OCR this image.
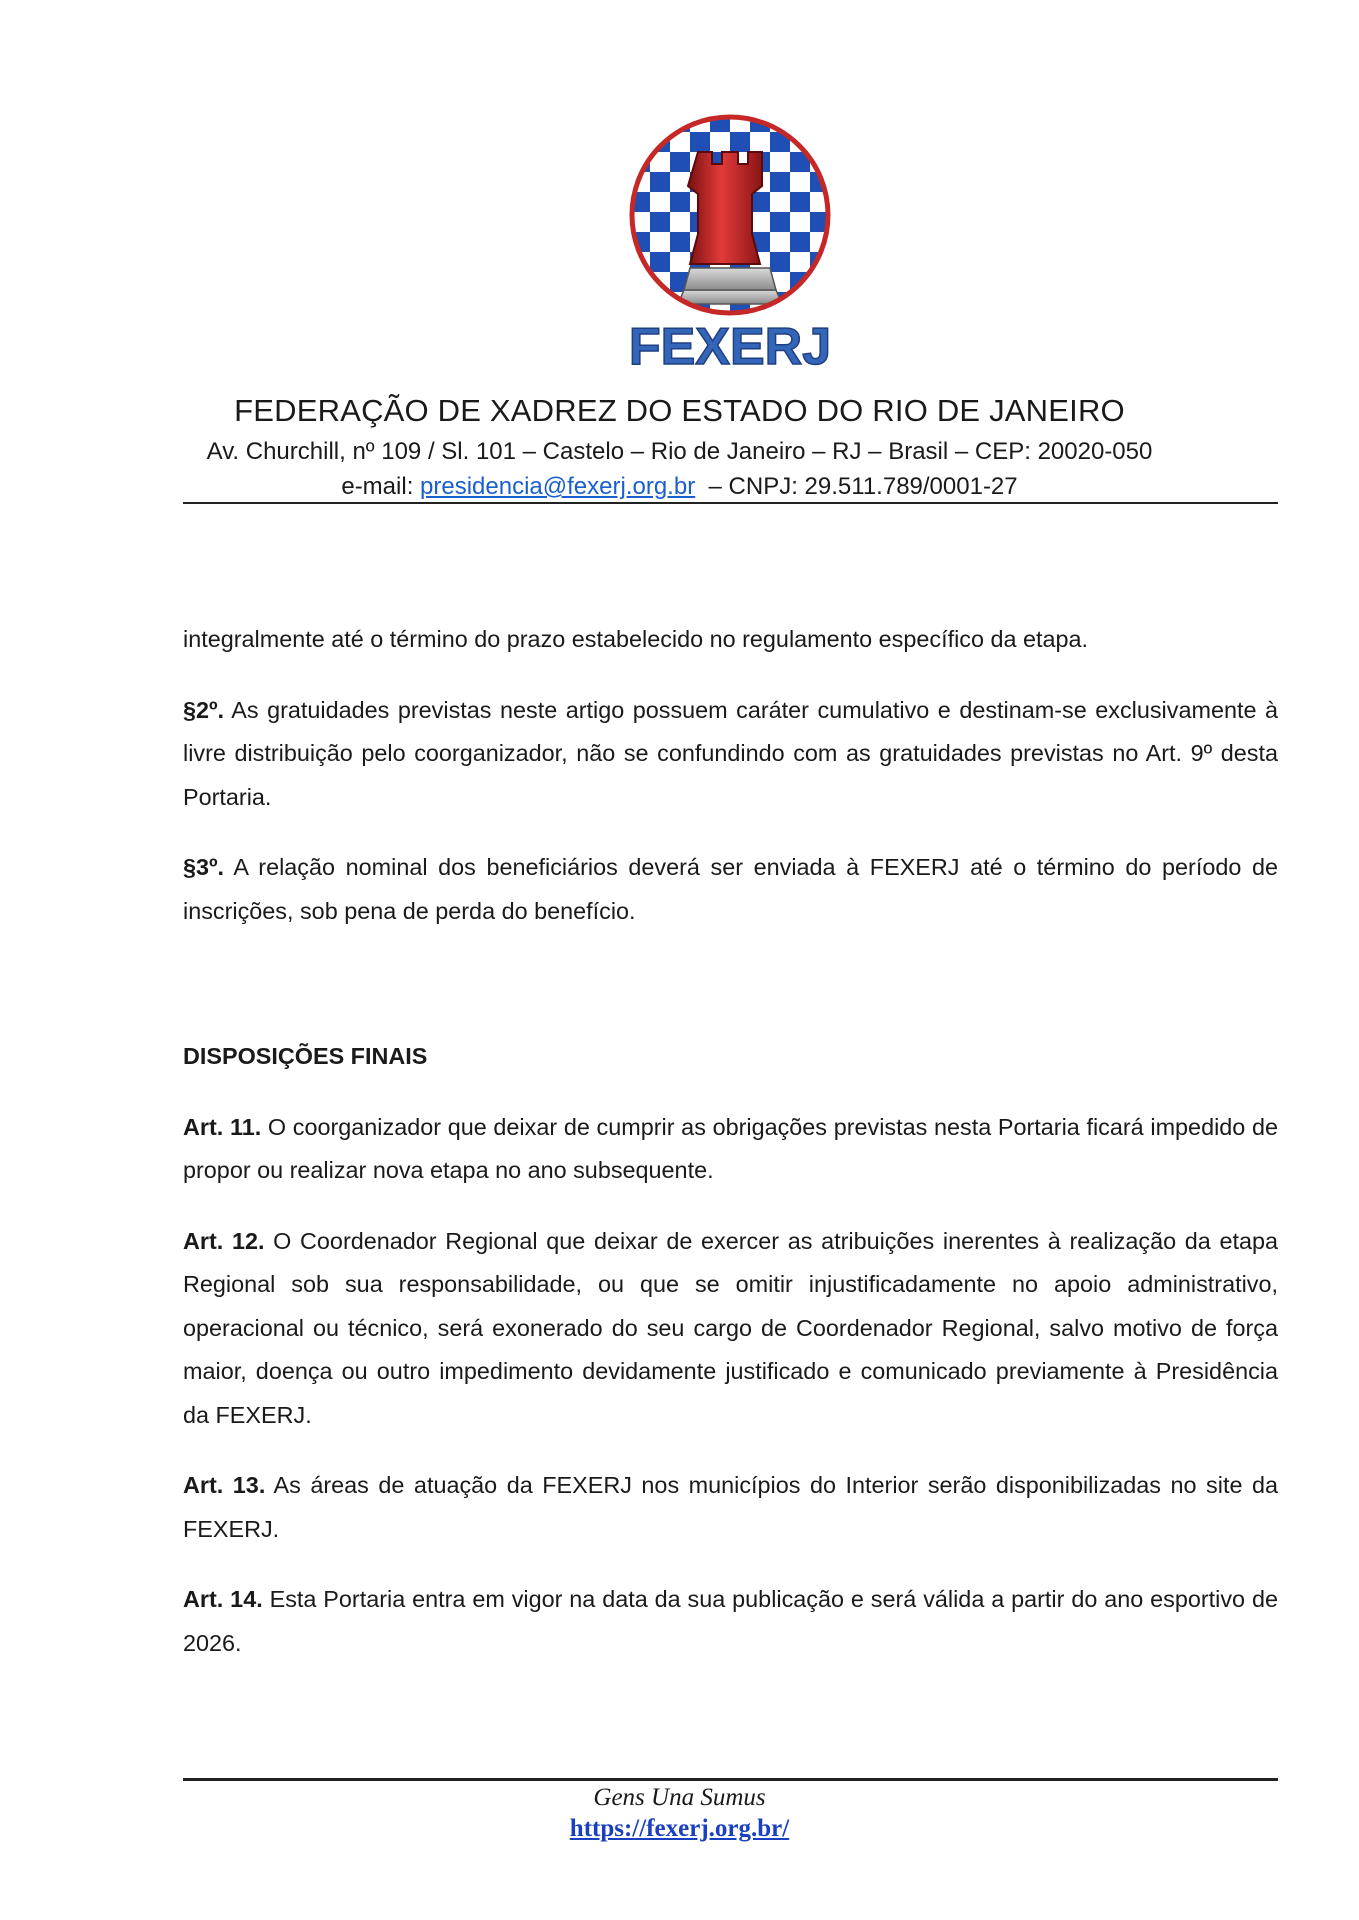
FEXERJ
FEDERAÇÃO DE XADREZ DO ESTADO DO RIO DE JANEIRO
Av. Churchill, nº 109 / Sl. 101 – Castelo – Rio de Janeiro – RJ – Brasil – CEP: 20020-050
e-mail: presidencia@fexerj.org.br  – CNPJ: 29.511.789/0001-27

integralmente até o término do prazo estabelecido no regulamento específico da etapa.

§2º. As gratuidades previstas neste artigo possuem caráter cumulativo e destinam-se exclusivamente à livre distribuição pelo coorganizador, não se confundindo com as gratuidades previstas no Art. 9º desta Portaria.

§3º. A relação nominal dos beneficiários deverá ser enviada à FEXERJ até o término do período de inscrições, sob pena de perda do benefício.

DISPOSIÇÕES FINAIS

Art. 11. O coorganizador que deixar de cumprir as obrigações previstas nesta Portaria ficará impedido de propor ou realizar nova etapa no ano subsequente.

Art. 12. O Coordenador Regional que deixar de exercer as atribuições inerentes à realização da etapa Regional sob sua responsabilidade, ou que se omitir injustificadamente no apoio administrativo, operacional ou técnico, será exonerado do seu cargo de Coordenador Regional, salvo motivo de força maior, doença ou outro impedimento devidamente justificado e comunicado previamente à Presidência da FEXERJ.

Art. 13. As áreas de atuação da FEXERJ nos municípios do Interior serão disponibilizadas no site da FEXERJ.

Art. 14. Esta Portaria entra em vigor na data da sua publicação e será válida a partir do ano esportivo de 2026.

Gens Una Sumus
https://fexerj.org.br/
